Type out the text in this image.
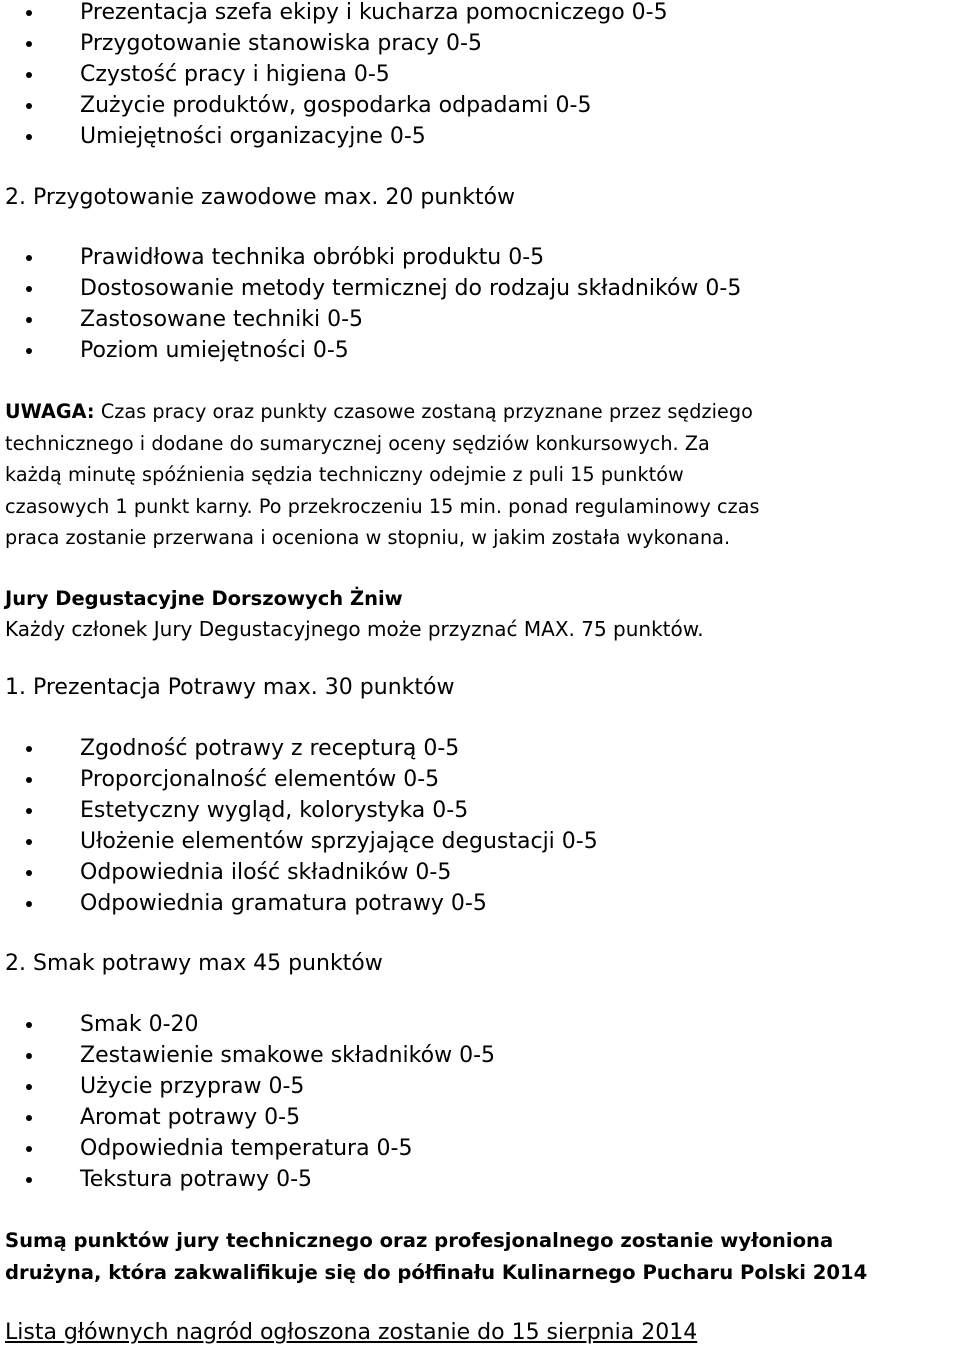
Prezentacja szefa ekipy i kucharza pomocniczego 0-5
Przygotowanie stanowiska pracy 0-5
Czystość pracy i higiena 0-5
Zużycie produktów, gospodarka odpadami 0-5
Umiejętności organizacyjne 0-5
2. Przygotowanie zawodowe max. 20 punktów
Prawidłowa technika obróbki produktu 0-5
Dostosowanie metody termicznej do rodzaju składników 0-5
Zastosowane techniki 0-5
Poziom umiejętności 0-5

UWAGA: Czas pracy oraz punkty czasowe zostaną przyznane przez sędziego

technicznego i dodane do sumarycznej oceny sędziów konkursowych. Za

każdą minutę spóźnienia sędzia techniczny odejmie z puli 15 punktów

czasowych 1 punkt karny. Po przekroczeniu 15 min. ponad regulaminowy czas

praca zostanie przerwana i oceniona w stopniu, w jakim została wykonana.

Jury Degustacyjne Dorszowych Żniw
Każdy członek Jury Degustacyjnego może przyznać MAX. 75 punktów.
1. Prezentacja Potrawy max. 30 punktów
Zgodność potrawy z recepturą 0-5
Proporcjonalność elementów 0-5
Estetyczny wygląd, kolorystyka 0-5
Ułożenie elementów sprzyjające degustacji 0-5
Odpowiednia ilość składników 0-5
Odpowiednia gramatura potrawy 0-5
2. Smak potrawy max 45 punktów
Smak 0-20
Zestawienie smakowe składników 0-5
Użycie przypraw 0-5
Aromat potrawy 0-5
Odpowiednia temperatura 0-5
Tekstura potrawy 0-5

Sumą punktów jury technicznego oraz profesjonalnego zostanie wyłoniona

drużyna, która zakwalifikuje się do półfinału Kulinarnego Pucharu Polski 2014

Lista głównych nagród ogłoszona zostanie do 15 sierpnia 2014
